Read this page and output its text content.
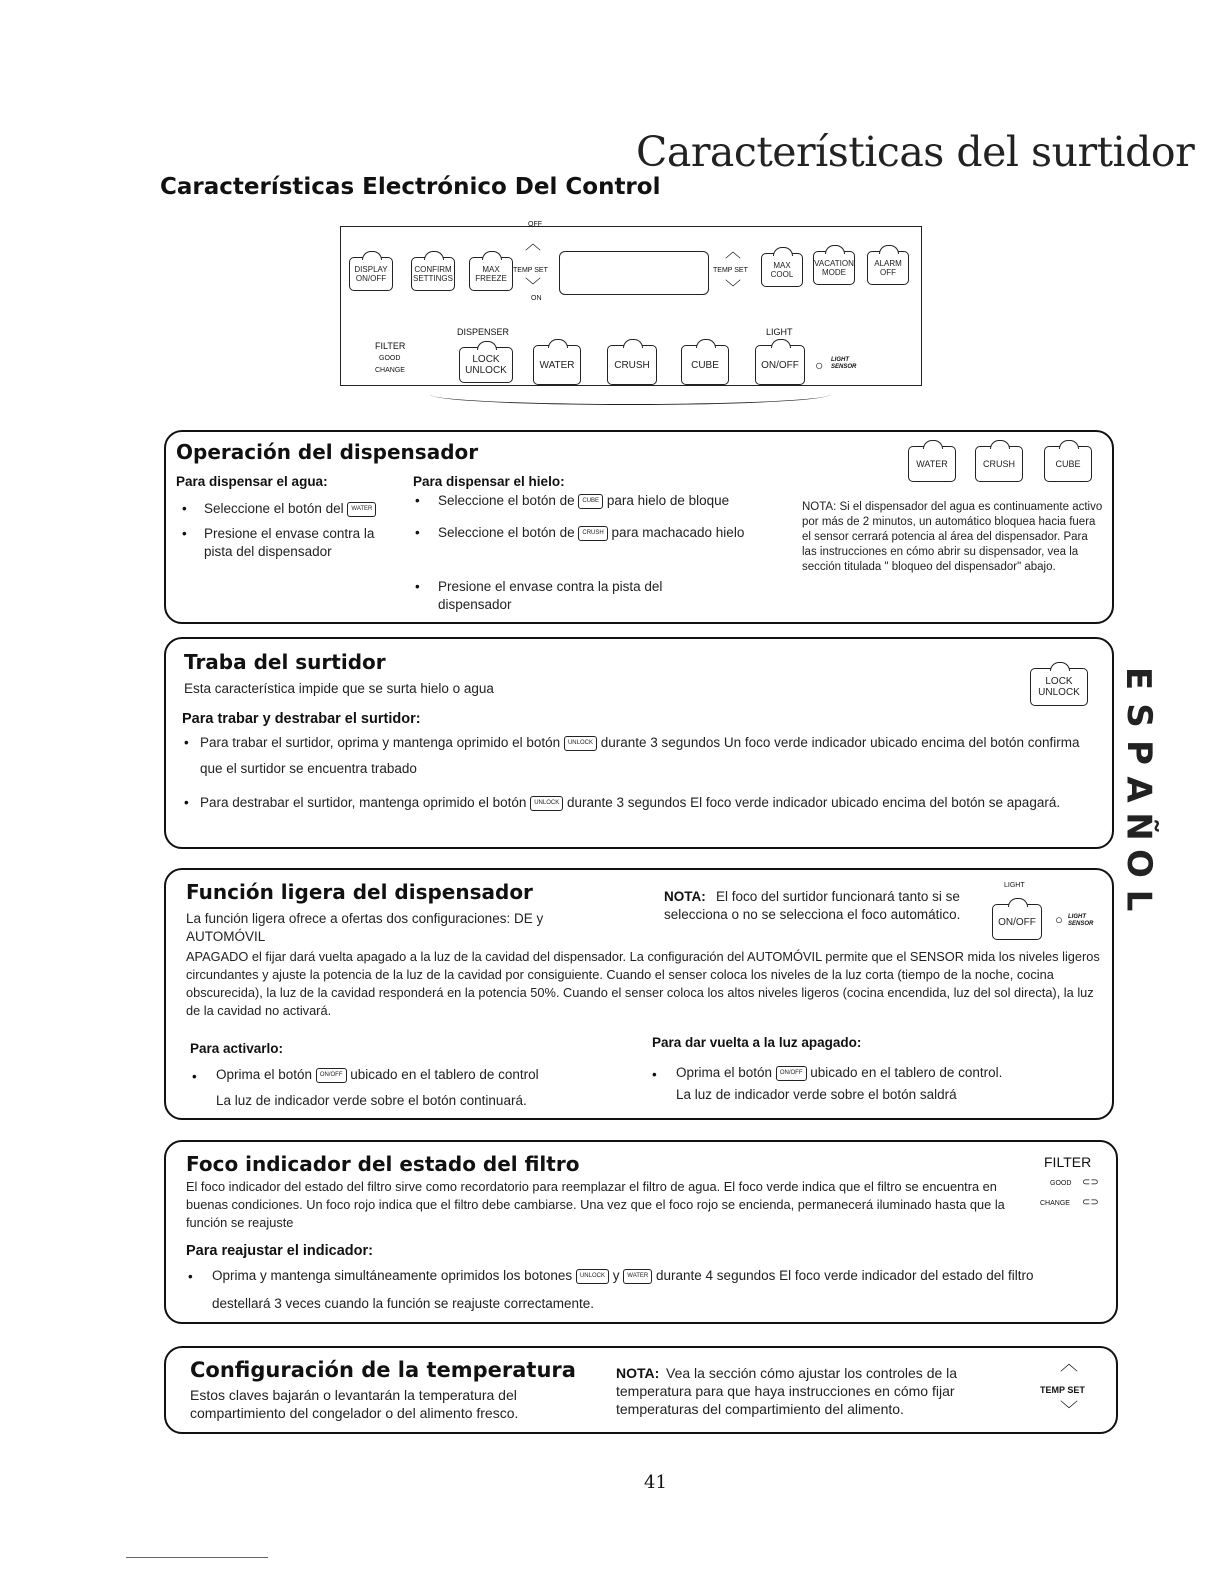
Características del surtidor
Características Electrónico Del Control
OFF
︿
﹀
ON
DISPLAY ON/OFF
CONFIRM SETTINGS
MAX FREEZE
TEMP SET
︿
TEMP SET
﹀
MAX COOL
VACATION MODE
ALARM OFF
FILTER
GOOD
CHANGE
DISPENSER
LOCK
UNLOCK	WATER	CRUSH	CUBE
LIGHT
ON/OFF	○ LIGHT SENSOR
Operación del dispensador
Para dispensar el agua:	Para dispensar el hielo:
• Seleccione el botón del WATER
• Presione el envase contra la pista del dispensador
• Seleccione el botón de CUBE para hielo de bloque
• Seleccione el botón de CRUSH para machacado hielo
• Presione el envase contra la pista del dispensador
WATER	CRUSH	CUBE
NOTA: Si el dispensador del agua es continuamente activo por más de 2 minutos, un automático bloquea hacia fuera el sensor cerrará potencia al área del dispensador. Para las instrucciones en cómo abrir su dispensador, vea la sección titulada " bloqueo del dispensador" abajo.
Traba del surtidor
Esta característica impide que se surta hielo o agua	LOCK
UNLOCK
Para trabar y destrabar el surtidor:
• Para trabar el surtidor, oprima y mantenga oprimido el botón UNLOCK durante 3 segundos Un foco verde indicador ubicado encima del botón confirma que el surtidor se encuentra trabado
• Para destrabar el surtidor, mantenga oprimido el botón UNLOCK durante 3 segundos El foco verde indicador ubicado encima del botón se apagará.
E
S
P
A
Ñ
O
L
Función ligera del dispensador
La función ligera ofrece a ofertas dos configuraciones: DE y AUTOMÓVIL
NOTA: El foco del surtidor funcionará tanto si se selecciona o no se selecciona el foco automático.
LIGHT
ON/OFF	○ LIGHT SENSOR
APAGADO el fijar dará vuelta apagado a la luz de la cavidad del dispensador. La configuración del AUTOMÓVIL permite que el SENSOR mida los niveles ligeros circundantes y ajuste la potencia de la luz de la cavidad por consiguiente. Cuando el senser coloca los niveles de la luz corta (tiempo de la noche, cocina obscurecida), la luz de la cavidad responderá en la potencia 50%. Cuando el senser coloca los altos niveles ligeros (cocina encendida, luz del sol directa), la luz de la cavidad no activará.
Para activarlo:	Para dar vuelta a la luz apagado:
• Oprima el botón ON/OFF ubicado en el tablero de control
La luz de indicador verde sobre el botón continuará.
• Oprima el botón ON/OFF ubicado en el tablero de control.
La luz de indicador verde sobre el botón saldrá
Foco indicador del estado del filtro	FILTER
GOOD ⊂⊃
CHANGE ⊂⊃
El foco indicador del estado del filtro sirve como recordatorio para reemplazar el filtro de agua. El foco verde indica que el filtro se encuentra en buenas condiciones. Un foco rojo indica que el filtro debe cambiarse. Una vez que el foco rojo se encienda, permanecerá iluminado hasta que la función se reajuste
Para reajustar el indicador:
• Oprima y mantenga simultáneamente oprimidos los botones UNLOCK y WATER durante 4 segundos El foco verde indicador del estado del filtro destellará 3 veces cuando la función se reajuste correctamente.
Configuración de la temperatura
Estos claves bajarán o levantarán la temperatura del compartimiento del congelador o del alimento fresco.
NOTA: Vea la sección cómo ajustar los controles de la temperatura para que haya instrucciones en cómo fijar temperaturas del compartimiento del alimento.
︿
TEMP SET
﹀
41
